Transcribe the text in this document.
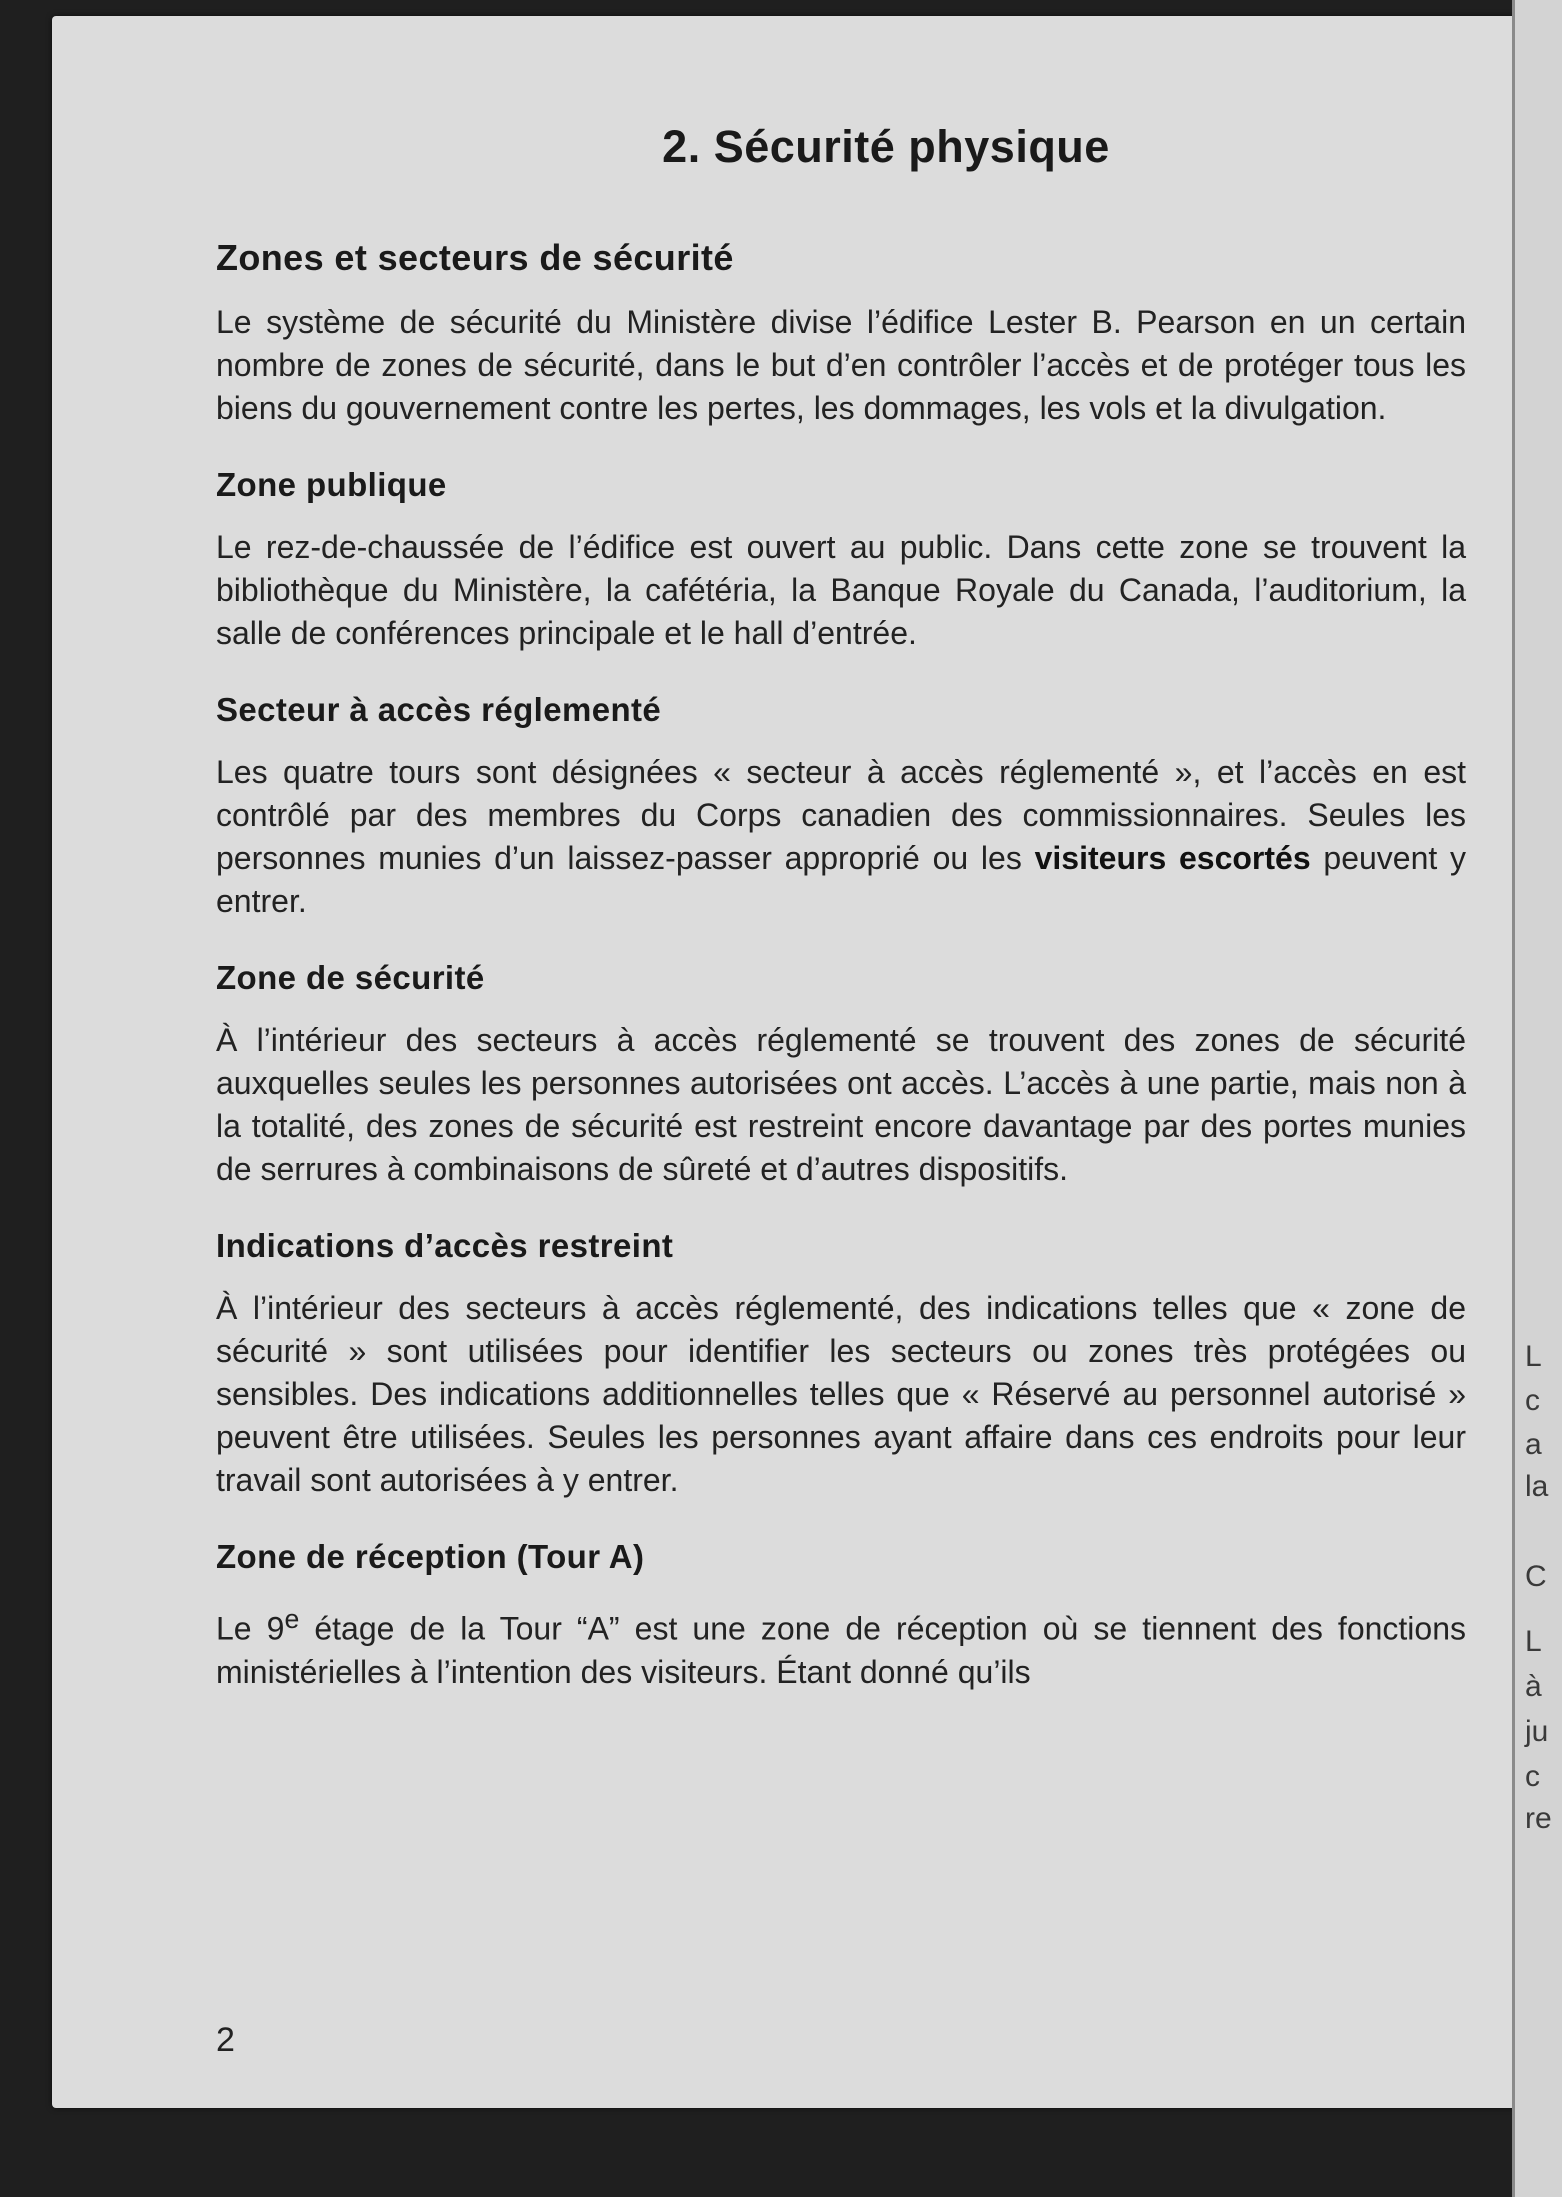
2. Sécurité physique
Zones et secteurs de sécurité

Le système de sécurité du Ministère divise l’édifice Lester B. Pearson en un certain nombre de zones de sécurité, dans le but d’en contrôler l’accès et de protéger tous les biens du gouvernement contre les pertes, les dommages, les vols et la divulgation.

Zone publique

Le rez-de-chaussée de l’édifice est ouvert au public. Dans cette zone se trouvent la bibliothèque du Ministère, la cafétéria, la Banque Royale du Canada, l’auditorium, la salle de conférences principale et le hall d’entrée.

Secteur à accès réglementé

Les quatre tours sont désignées « secteur à accès réglementé », et l’accès en est contrôlé par des membres du Corps canadien des commissionnaires. Seules les personnes munies d’un laissez-passer approprié ou les visiteurs escortés peuvent y entrer.

Zone de sécurité

À l’intérieur des secteurs à accès réglementé se trouvent des zones de sécurité auxquelles seules les personnes autorisées ont accès. L’accès à une partie, mais non à la totalité, des zones de sécurité est restreint encore davantage par des portes munies de serrures à combinaisons de sûreté et d’autres dispositifs.

Indications d’accès restreint

À l’intérieur des secteurs à accès réglementé, des indications telles que « zone de sécurité » sont utilisées pour identifier les secteurs ou zones très protégées ou sensibles. Des indications additionnelles telles que « Réservé au personnel autorisé » peuvent être utilisées. Seules les personnes ayant affaire dans ces endroits pour leur travail sont autorisées à y entrer.

Zone de réception (Tour A)

Le 9e étage de la Tour “A” est une zone de réception où se tiennent des fonctions ministérielles à l’intention des visiteurs. Étant donné qu’ils

2
L
c
a
la
C
L
à
ju
c
re
